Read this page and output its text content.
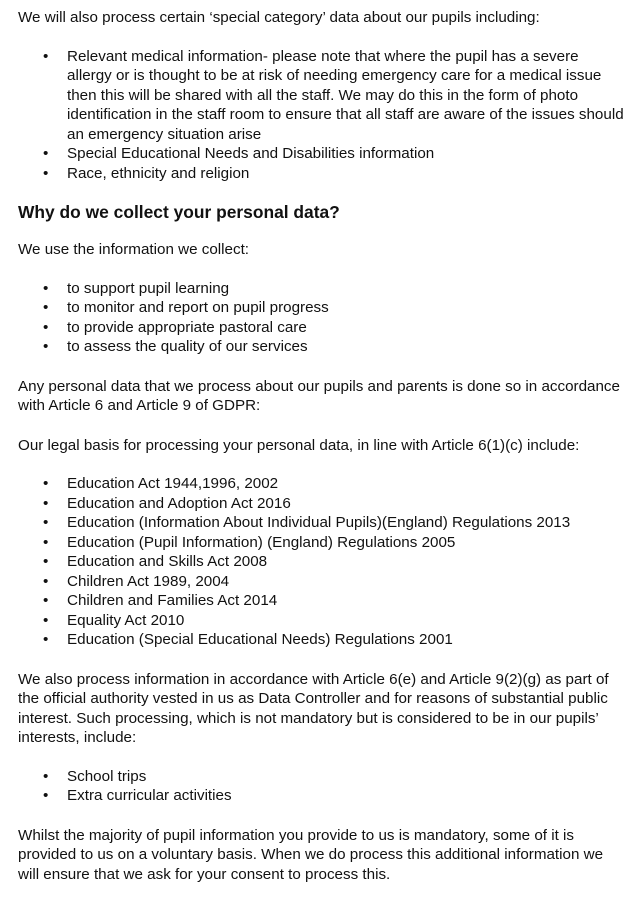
We will also process certain ‘special category’ data about our pupils including:

• Relevant medical information- please note that where the pupil has a severe allergy or is thought to be at risk of needing emergency care for a medical issue then this will be shared with all the staff. We may do this in the form of photo identification in the staff room to ensure that all staff are aware of the issues should an emergency situation arise
• Special Educational Needs and Disabilities information
• Race, ethnicity and religion
Why do we collect your personal data?

We use the information we collect:

• to support pupil learning
• to monitor and report on pupil progress
• to provide appropriate pastoral care
• to assess the quality of our services

Any personal data that we process about our pupils and parents is done so in accordance with Article 6 and Article 9 of GDPR:

Our legal basis for processing your personal data, in line with Article 6(1)(c) include:

• Education Act 1944,1996, 2002
• Education and Adoption Act 2016
• Education (Information About Individual Pupils)(England) Regulations 2013
• Education (Pupil Information) (England) Regulations 2005
• Education and Skills Act 2008
• Children Act 1989, 2004
• Children and Families Act 2014
• Equality Act 2010
• Education (Special Educational Needs) Regulations 2001

We also process information in accordance with Article 6(e) and Article 9(2)(g) as part of the official authority vested in us as Data Controller and for reasons of substantial public interest. Such processing, which is not mandatory but is considered to be in our pupils’ interests, include:

• School trips
• Extra curricular activities

Whilst the majority of pupil information you provide to us is mandatory, some of it is provided to us on a voluntary basis. When we do process this additional information we will ensure that we ask for your consent to process this.
